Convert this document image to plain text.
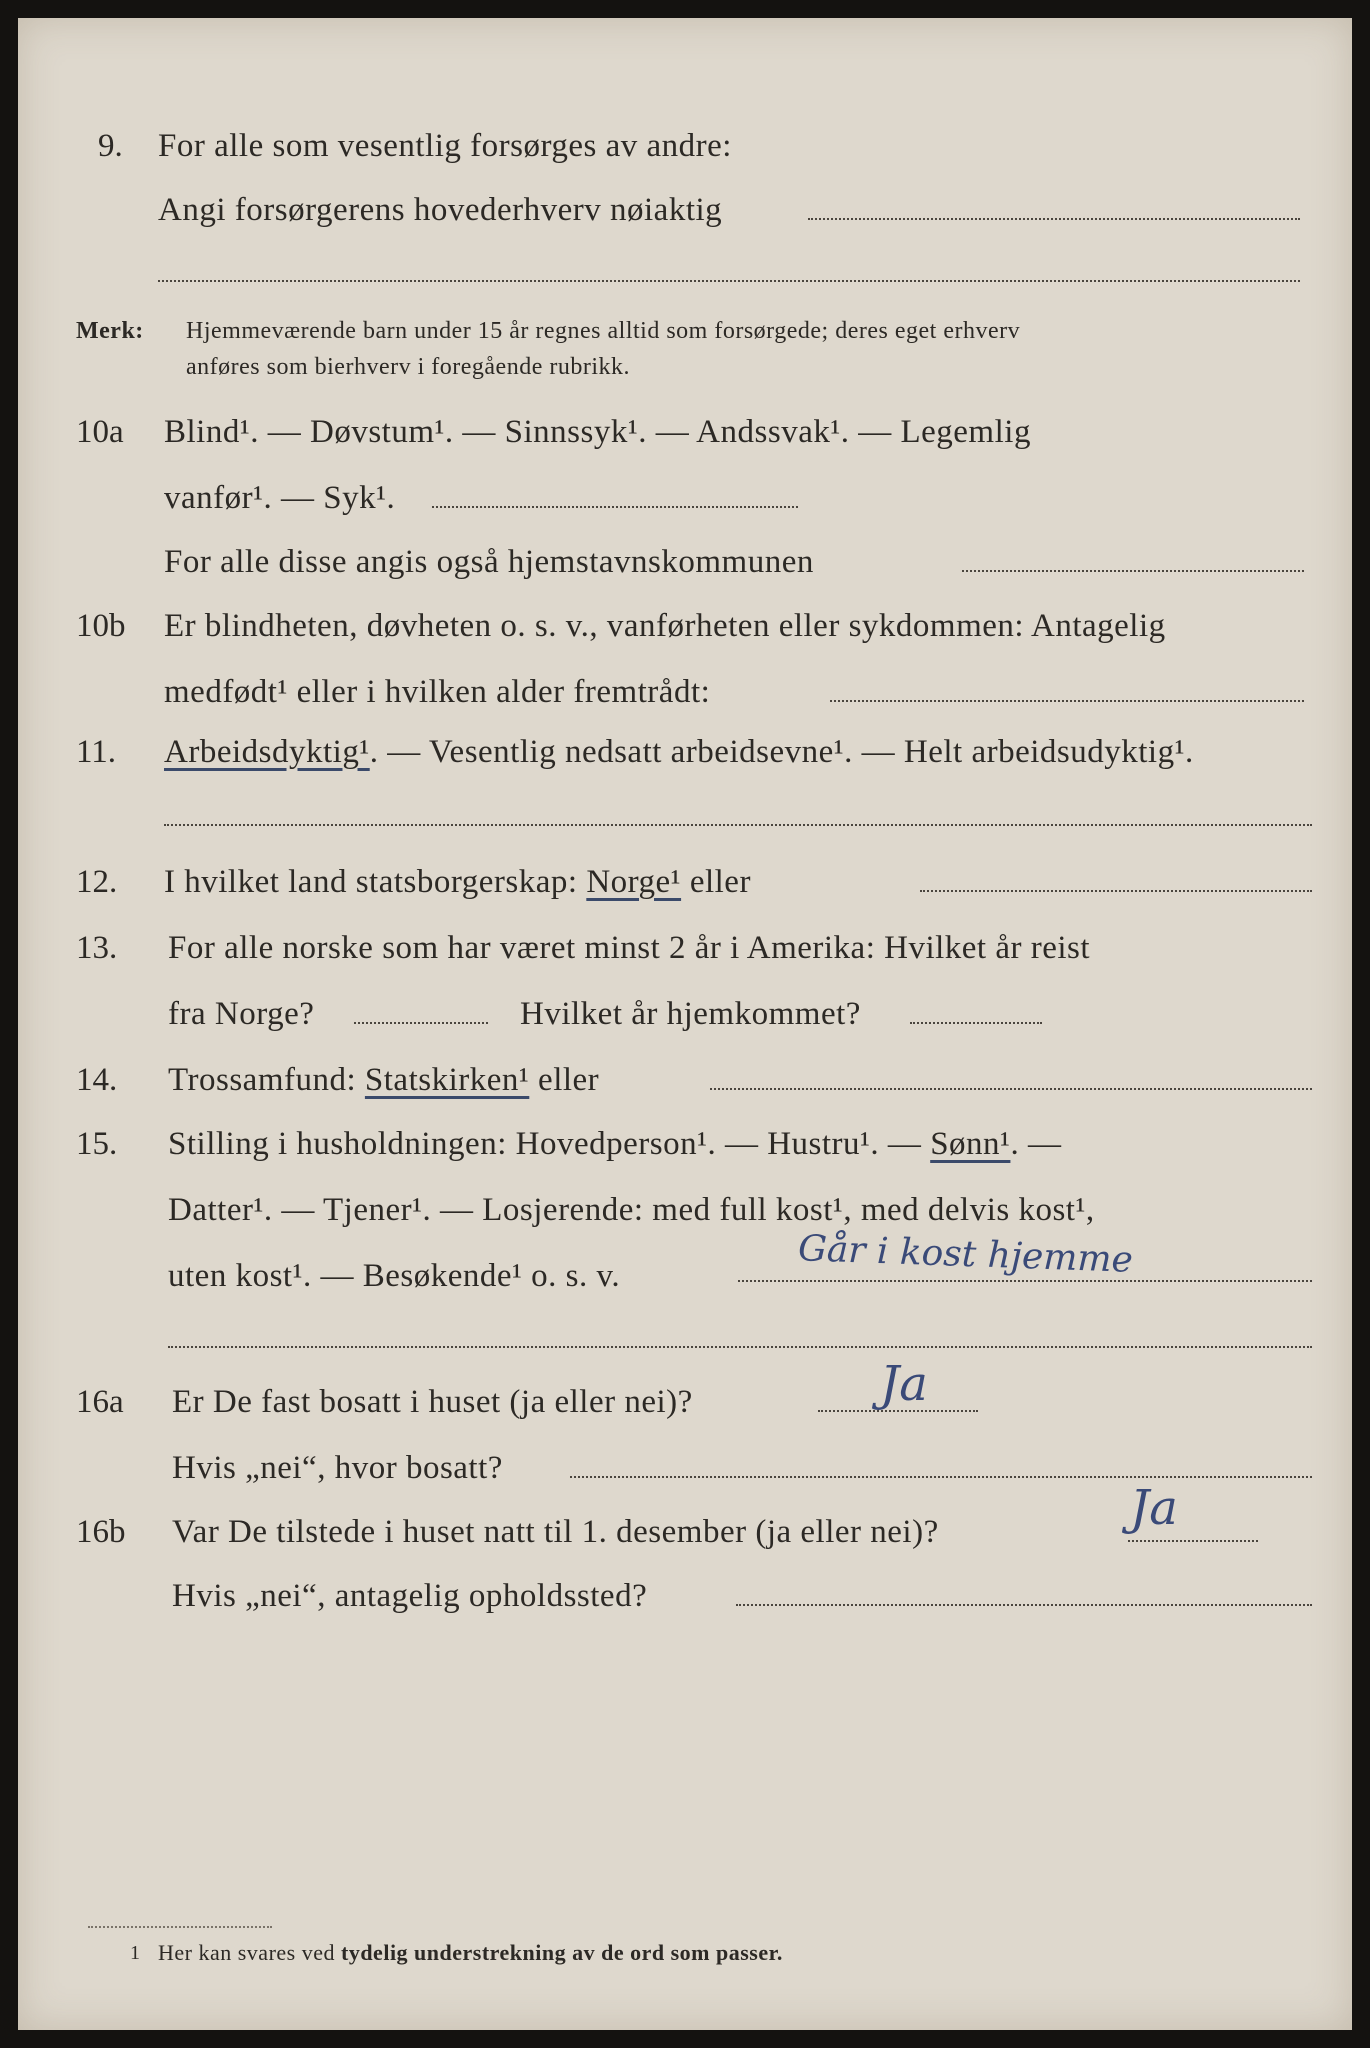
9. For alle som vesentlig forsørges av andre:
Angi forsørgerens hovederhverv nøiaktig
Merk: Hjemmeværende barn under 15 år regnes alltid som forsørgede; deres eget erhverv
anføres som bierhverv i foregående rubrikk.
10a Blind¹. — Døvstum¹. — Sinnssyk¹. — Andssvak¹. — Legemlig
vanfør¹. — Syk¹.
For alle disse angis også hjemstavnskommunen
10b Er blindheten, døvheten o. s. v., vanførheten eller sykdommen: Antagelig
medfødt¹ eller i hvilken alder fremtrådt:
11. Arbeidsdyktig¹. — Vesentlig nedsatt arbeidsevne¹. — Helt arbeidsudyktig¹.
12. I hvilket land statsborgerskap: Norge¹ eller
13. For alle norske som har været minst 2 år i Amerika: Hvilket år reist
fra Norge?	Hvilket år hjemkommet?
14. Trossamfund: Statskirken¹ eller
15. Stilling i husholdningen: Hovedperson¹. — Hustru¹. — Sønn¹. —
Datter¹. — Tjener¹. — Losjerende: med full kost¹, med delvis kost¹,
uten kost¹. — Besøkende¹ o. s. v.	Går i kost hjemme
16a Er De fast bosatt i huset (ja eller nei)?	Ja
Hvis „nei“, hvor bosatt?
16b Var De tilstede i huset natt til 1. desember (ja eller nei)?	Ja
Hvis „nei“, antagelig opholdssted?
1 Her kan svares ved tydelig understrekning av de ord som passer.
